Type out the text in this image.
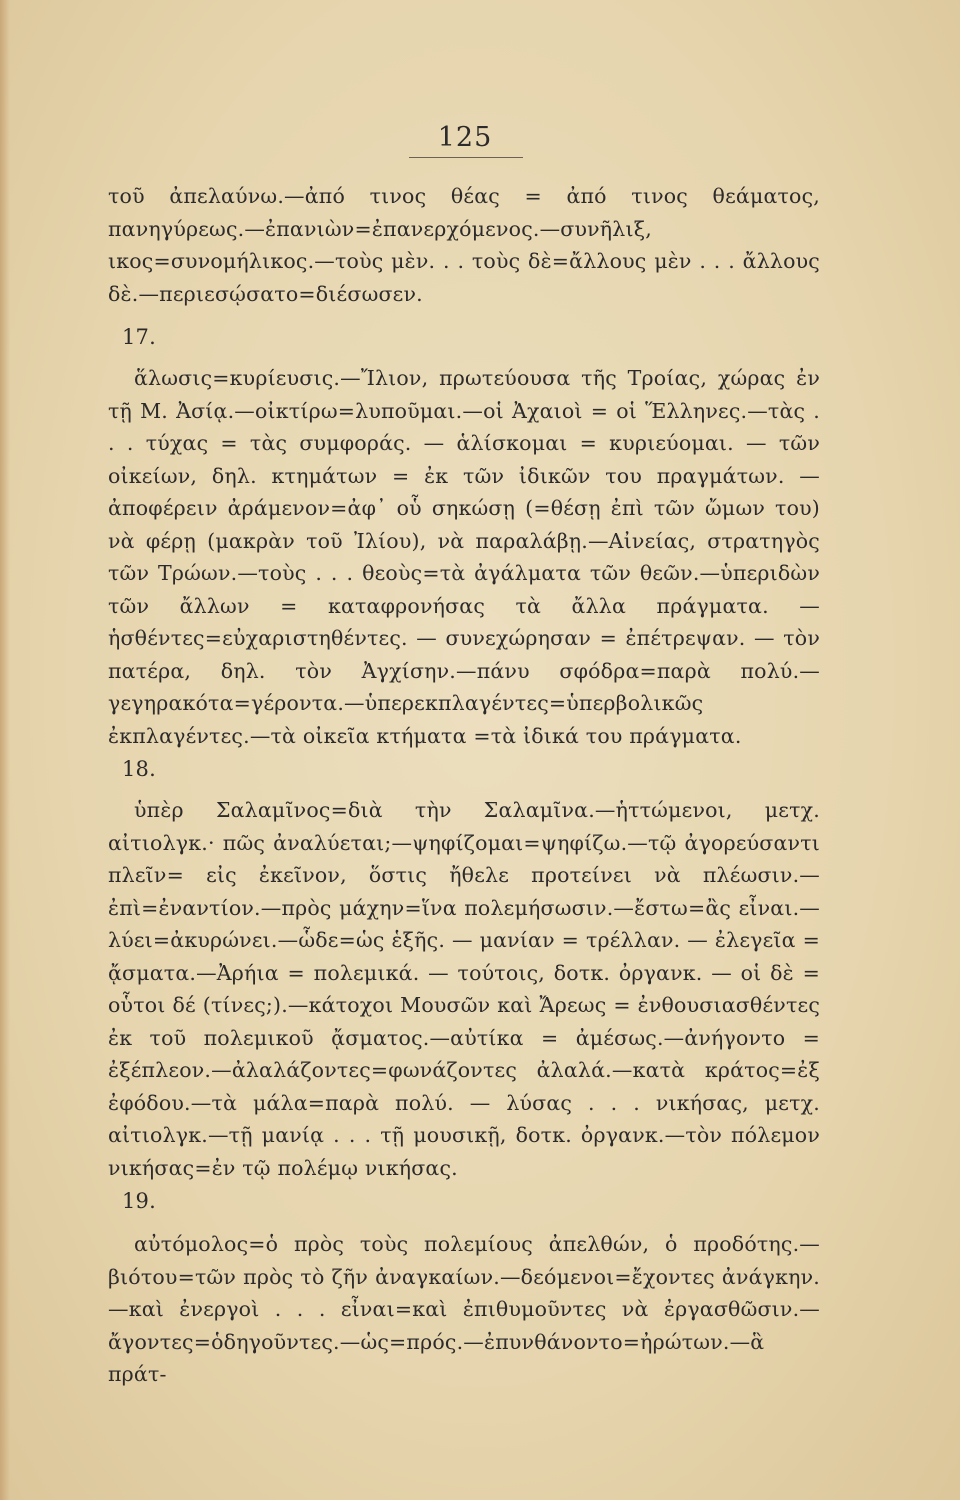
125

τοῦ ἀπελαύνω.—ἀπό τινος θέας = ἀπό τινος θεάματος, πανηγύρεως.—ἐπανιὼν=ἐπανερχόμενος.—συνῆλιξ, ικος=συνομήλικος.—τοὺς μὲν. . . τοὺς δὲ=ἄλλους μὲν . . . ἄλλους δὲ.—περιεσῴσατο=διέσωσεν.

17.

ἅλωσις=κυρίευσις.—Ἴλιον, πρωτεύουσα τῆς Τροίας, χώρας ἐν τῇ Μ. Ἀσίᾳ.—οἰκτίρω=λυποῦμαι.—οἱ Ἀχαιοὶ = οἱ Ἕλληνες.—τὰς . . . τύχας = τὰς συμφοράς. — ἁλίσκομαι = κυριεύομαι. — τῶν οἰκείων, δηλ. κτημάτων = ἐκ τῶν ἰδικῶν του πραγμάτων. — ἀποφέρειν ἀράμενον=ἀφ᾽ οὗ σηκώσῃ (=θέσῃ ἐπὶ τῶν ὤμων του) νὰ φέρῃ (μακρὰν τοῦ Ἰλίου), νὰ παραλάβῃ.—Αἰνείας, στρατηγὸς τῶν Τρώων.—τοὺς . . . θεοὺς=τὰ ἀγάλματα τῶν θεῶν.—ὑπεριδὼν τῶν ἄλλων = καταφρονήσας τὰ ἄλλα πράγματα. — ἡσθέντες=εὐχαριστηθέντες. — συνεχώρησαν = ἐπέτρεψαν. — τὸν πατέρα, δηλ. τὸν Ἀγχίσην.—πάνυ σφόδρα=παρὰ πολύ.—γεγηρακότα=γέροντα.—ὑπερεκπλαγέντες=ὑπερβολικῶς ἐκπλαγέντες.—τὰ οἰκεῖα κτήματα =τὰ ἰδικά του πράγματα.

18.

ὑπὲρ Σαλαμῖνος=διὰ τὴν Σαλαμῖνα.—ἡττώμενοι, μετχ. αἰτιολγκ.· πῶς ἀναλύεται;—ψηφίζομαι=ψηφίζω.—τῷ ἀγορεύσαντι πλεῖν= εἰς ἐκεῖνον, ὅστις ἤθελε προτείνει νὰ πλέωσιν.—ἐπὶ=ἐναντίον.—πρὸς μάχην=ἵνα πολεμήσωσιν.—ἔστω=ἂς εἶναι.—λύει=ἀκυρώνει.—ὧδε=ὡς ἑξῆς. — μανίαν = τρέλλαν. — ἐλεγεῖα = ᾄσματα.—Ἀρήια = πολεμικά. — τούτοις, δοτκ. ὀργανκ. — οἱ δὲ = οὗτοι δέ (τίνες;).—κάτοχοι Μουσῶν καὶ Ἄρεως = ἐνθουσιασθέντες ἐκ τοῦ πολεμικοῦ ᾄσματος.—αὐτίκα = ἀμέσως.—ἀνήγοντο = ἐξέπλεον.—ἀλαλάζοντες=φωνάζοντες ἀλαλά.—κατὰ κράτος=ἐξ ἐφόδου.—τὰ μάλα=παρὰ πολύ. — λύσας . . . νικήσας, μετχ. αἰτιολγκ.—τῇ μανίᾳ . . . τῇ μουσικῇ, δοτκ. ὀργανκ.—τὸν πόλεμον νικήσας=ἐν τῷ πολέμῳ νικήσας.

19.

αὐτόμολος=ὁ πρὸς τοὺς πολεμίους ἀπελθών, ὁ προδότης.—βιότου=τῶν πρὸς τὸ ζῆν ἀναγκαίων.—δεόμενοι=ἔχοντες ἀνάγκην.—καὶ ἐνεργοὶ . . . εἶναι=καὶ ἐπιθυμοῦντες νὰ ἐργασθῶσιν.—ἄγοντες=ὁδηγοῦντες.—ὡς=πρός.—ἐπυνθάνοντο=ἠρώτων.—ἃ πράτ-
